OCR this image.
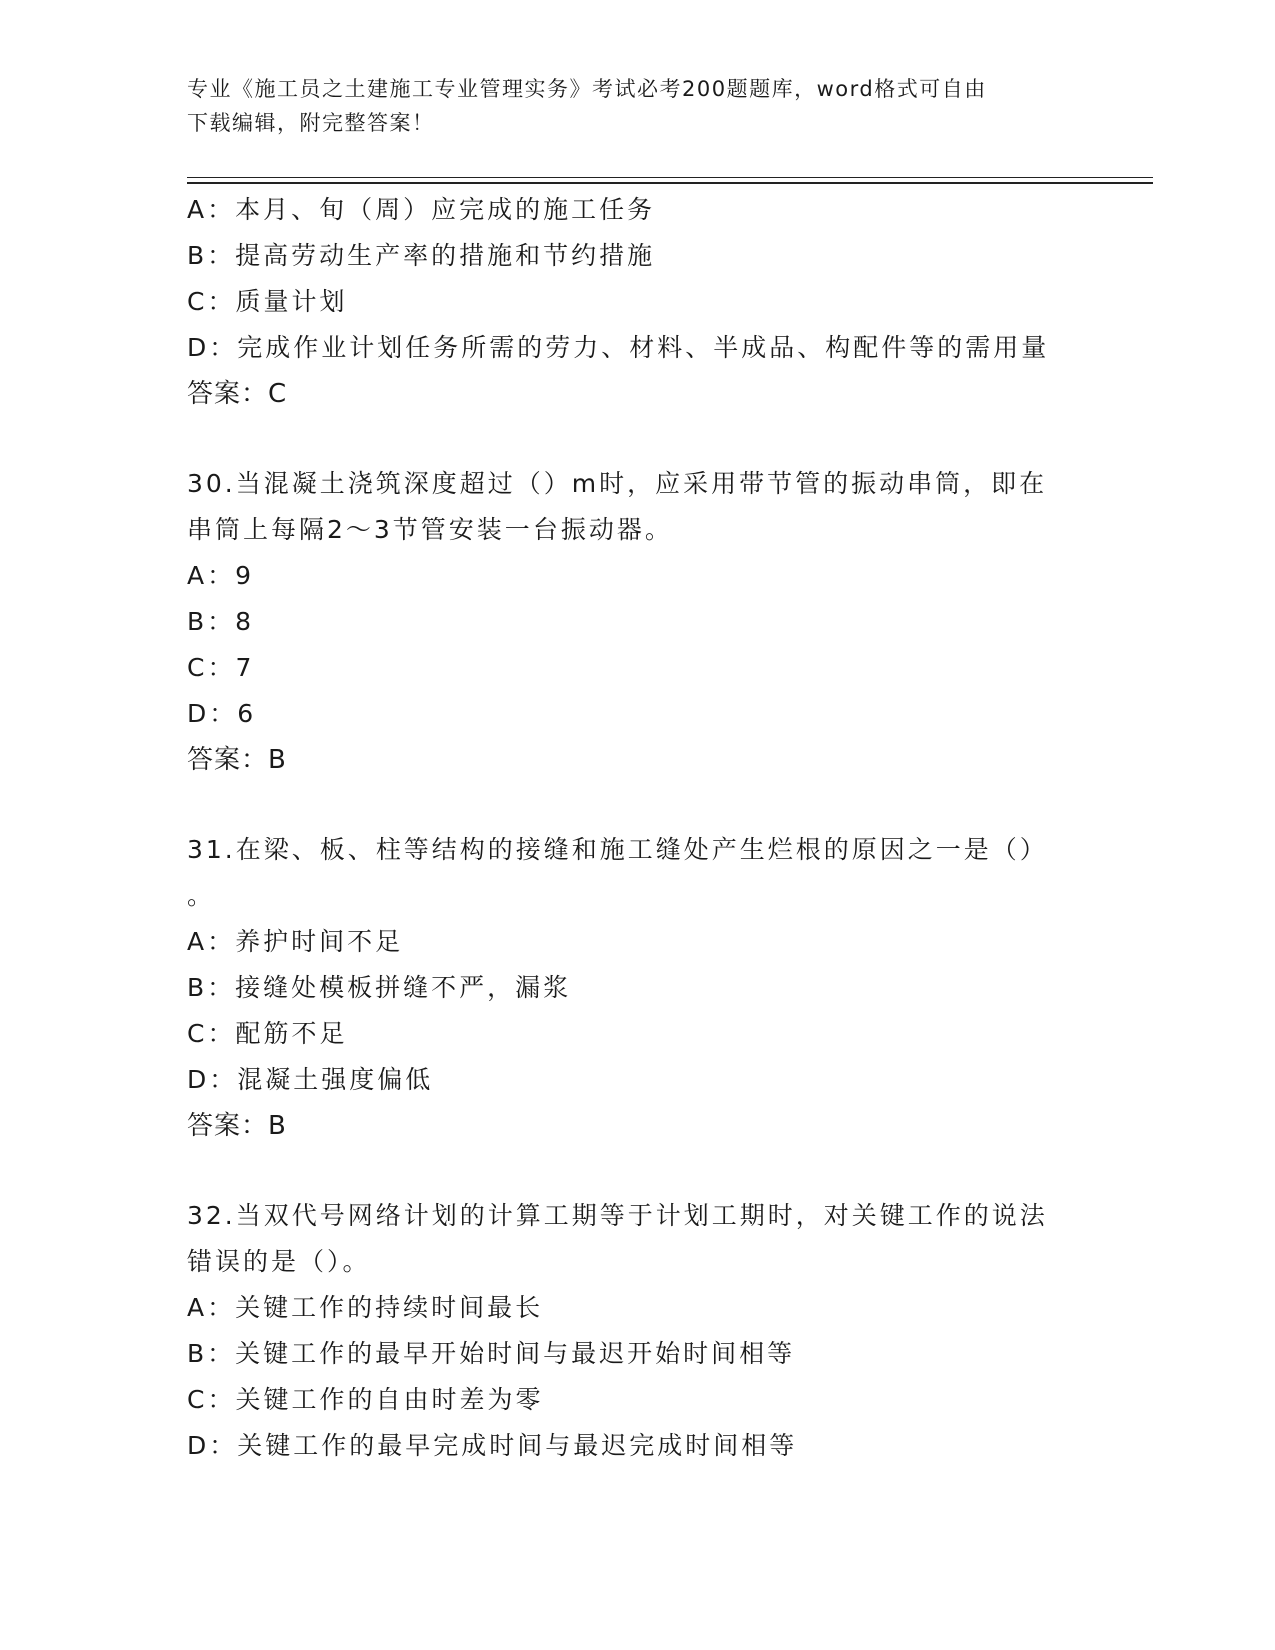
专业《施工员之土建施工专业管理实务》考试必考200题题库，word格式可自由
下载编辑，附完整答案！
A：本月、旬（周）应完成的施工任务
B：提高劳动生产率的措施和节约措施
C：质量计划
D：完成作业计划任务所需的劳力、材料、半成品、构配件等的需用量
答案：C
30.当混凝土浇筑深度超过（）m时，应采用带节管的振动串筒，即在
串筒上每隔2～3节管安装一台振动器。
A：9
B：8
C：7
D：6
答案：B
31.在梁、板、柱等结构的接缝和施工缝处产生烂根的原因之一是（）
。
A：养护时间不足
B：接缝处模板拼缝不严，漏浆
C：配筋不足
D：混凝土强度偏低
答案：B
32.当双代号网络计划的计算工期等于计划工期时，对关键工作的说法
错误的是（）。
A：关键工作的持续时间最长
B：关键工作的最早开始时间与最迟开始时间相等
C：关键工作的自由时差为零
D：关键工作的最早完成时间与最迟完成时间相等
